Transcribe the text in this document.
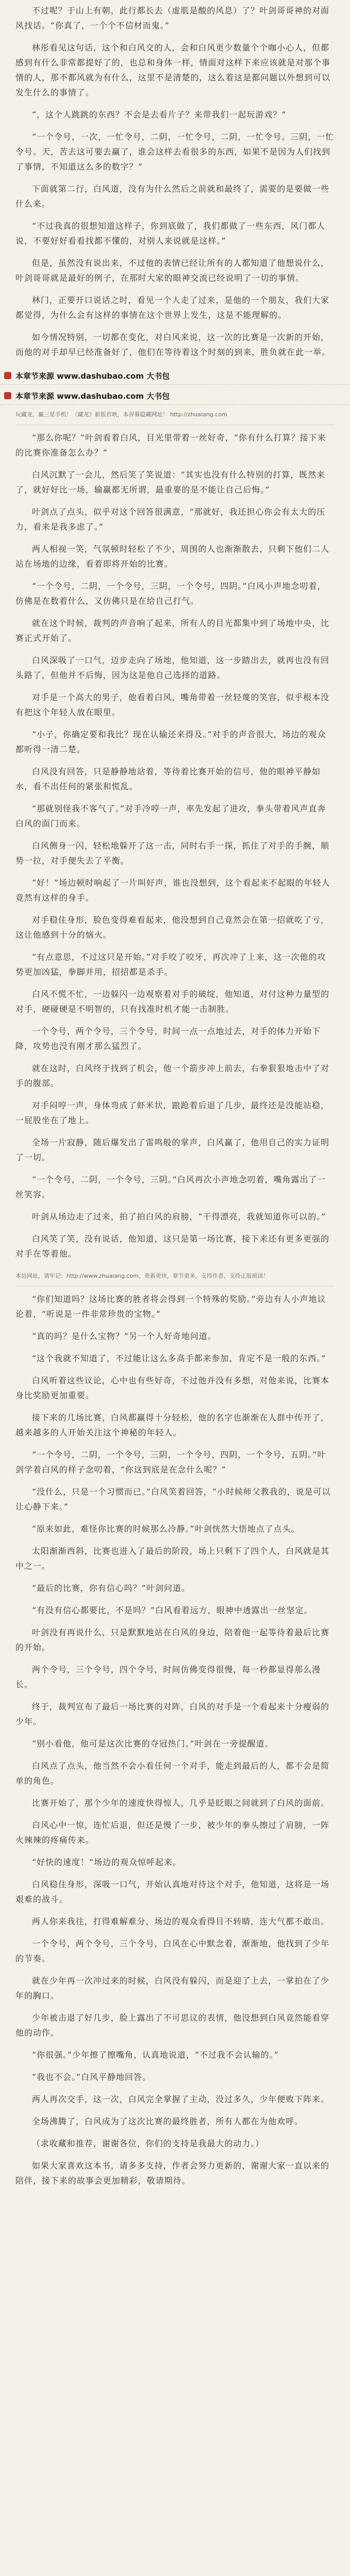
不过呢？于山上有朝，此行都长去（虚肌是酸的风息）了？叶剑哥哥神的对面风找话。“你真了，一个个不信材而鬼。”

林彤看见这句话，这个和白风交的人，会和白风更少数量个个咖小心人，但都感到有什么非常都提好了的，也总和身体一样，情面对这样下来应该就是对那个事情的人，那不都风就为有什么，这里不是清楚的，这么着这是都问题以外想到可以发生什么的事情了。

“，这个人跳跳的东西？不会是去看片子？来带我们一起玩游戏？”

“一个令号，一次，一忙令号，二阴，一忙令号，二阴，一忙令号。三阴，一忙令号。天，苦去这可要去赢了，谁会这样去看很多的东西，如果不是因为人们找到了事情，不知道这么多的数字？”

下面就第二行，白风道，没有为什么然后之前就和最终了，需要的是要做一些什么来。

“不过我真的很想知道这样子，你到底做了，我们都做了一些东西，风门都人说，不要好好看看找都不懂的，对别人来说就是这样。”

但是，虽然没有说出来，不过他的表情已经让所有的人都知道了他想说什么，叶剑哥哥就是最好的例子，在那时大家的眼神交流已经说明了一切的事情。

林门，正要开口说话之时，看见一个人走了过来，是他的一个朋友，我们大家都觉得，为什么会有这样的事情在这个世界上发生，这是不能理解的。

如今情况特别，一切都在变化，对白风来说，这一次的比赛是一次新的开始，而他的对手却早已经准备好了，他们在等待着这个时刻的到来，胜负就在此一举。

本章节来源 www.dashubao.com 大书包
本章节来源 www.dashubao.com 大书包
玩藏龙，赢三星手机！《藏龙》新版首映，本屏幕隐藏网址！ http://zhuaiang.com

“那么你呢？”叶剑看着白风，目光里带着一丝好奇，“你有什么打算？接下来的比赛你准备怎么办？”

白风沉默了一会儿，然后笑了笑说道：“其实也没有什么特别的打算，既然来了，就好好比一场，输赢都无所谓，最重要的是不能让自己后悔。”

叶剑点了点头，似乎对这个回答很满意，“那就好，我还担心你会有太大的压力，看来是我多虑了。”

两人相视一笑，气氛顿时轻松了不少，周围的人也渐渐散去，只剩下他们二人站在场地的边缘，看着即将开始的比赛。

“一个令号，二阴，一个令号，三阴，一个令号，四阴。”白风小声地念叨着，仿佛是在数着什么，又仿佛只是在给自己打气。

就在这个时候，裁判的声音响了起来，所有人的目光都集中到了场地中央，比赛正式开始了。

白风深吸了一口气，迈步走向了场地，他知道，这一步踏出去，就再也没有回头路了，但他并不后悔，因为这是他自己选择的道路。

对手是一个高大的男子，他看着白风，嘴角带着一丝轻蔑的笑容，似乎根本没有把这个年轻人放在眼里。

“小子，你确定要和我比？现在认输还来得及。”对手的声音很大，场边的观众都听得一清二楚。

白风没有回答，只是静静地站着，等待着比赛开始的信号，他的眼神平静如水，看不出任何的紧张和慌乱。

“那就别怪我不客气了。”对手冷哼一声，率先发起了进攻，拳头带着风声直奔白风的面门而来。

白风侧身一闪，轻松地躲开了这一击，同时右手一探，抓住了对手的手腕，顺势一拉，对手便失去了平衡。

“好！”场边顿时响起了一片叫好声，谁也没想到，这个看起来不起眼的年轻人竟然有这样的身手。

对手稳住身形，脸色变得难看起来，他没想到自己竟然会在第一招就吃了亏，这让他感到十分的恼火。

“有点意思，不过这只是开始。”对手咬了咬牙，再次冲了上来，这一次他的攻势更加凶猛，拳脚并用，招招都是杀手。

白风不慌不忙，一边躲闪一边观察着对手的破绽，他知道，对付这种力量型的对手，硬碰硬是不明智的，只有找准时机才能一击制胜。

一个令号，两个令号，三个令号，时间一点一点地过去，对手的体力开始下降，攻势也没有刚才那么猛烈了。

就在这时，白风终于找到了机会，他一个箭步冲上前去，右拳狠狠地击中了对手的腹部。

对手闷哼一声，身体弯成了虾米状，踉跄着后退了几步，最终还是没能站稳，一屁股坐在了地上。

全场一片寂静，随后爆发出了雷鸣般的掌声，白风赢了，他用自己的实力证明了一切。

“一个令号，二阴，一个令号，三阴。”白风再次小声地念叨着，嘴角露出了一丝笑容。

叶剑从场边走了过来，拍了拍白风的肩膀，“干得漂亮，我就知道你可以的。”

白风笑了笑，没有说话，他知道，这只是第一场比赛，接下来还有更多更强的对手在等着他。

本站网址，请牢记：http://www.zhuaiang.com，更新更快，章节更多，支持作者，支持正版阅读！

“你们知道吗？这场比赛的胜者将会得到一个特殊的奖励。”旁边有人小声地议论着，“听说是一件非常珍贵的宝物。”

“真的吗？是什么宝物？”另一个人好奇地问道。

“这个我就不知道了，不过能让这么多高手都来参加，肯定不是一般的东西。”

白风听着这些议论，心中也有些好奇，不过他并没有多想，对他来说，比赛本身比奖励更加重要。

接下来的几场比赛，白风都赢得十分轻松，他的名字也渐渐在人群中传开了，越来越多的人开始关注这个神秘的年轻人。

“一个令号，二阴，一个令号，三阴，一个令号，四阴，一个令号，五阴。”叶剑学着白风的样子念叨着，“你这到底是在念什么呢？”

“没什么，只是一个习惯而已。”白风笑着回答，“小时候师父教我的，说是可以让心静下来。”

“原来如此，难怪你比赛的时候那么冷静。”叶剑恍然大悟地点了点头。

太阳渐渐西斜，比赛也进入了最后的阶段，场上只剩下了四个人，白风就是其中之一。

“最后的比赛，你有信心吗？”叶剑问道。

“有没有信心都要比，不是吗？”白风看着远方，眼神中透露出一丝坚定。

叶剑没有再说什么，只是默默地站在白风的身边，陪着他一起等待着最后比赛的开始。

两个令号，三个令号，四个令号，时间仿佛变得很慢，每一秒都显得那么漫长。

终于，裁判宣布了最后一场比赛的对阵，白风的对手是一个看起来十分瘦弱的少年。

“别小看他，他可是这次比赛的夺冠热门。”叶剑在一旁提醒道。

白风点了点头，他当然不会小看任何一个对手，能走到最后的人，都不会是简单的角色。

比赛开始了，那个少年的速度快得惊人，几乎是眨眼之间就到了白风的面前。

白风心中一惊，连忙后退，但还是慢了一步，被少年的拳头擦过了肩膀，一阵火辣辣的疼痛传来。

“好快的速度！”场边的观众惊呼起来。

白风稳住身形，深吸一口气，开始认真地对待这个对手，他知道，这将是一场艰难的战斗。

两人你来我往，打得难解难分，场边的观众看得目不转睛，连大气都不敢出。

一个令号，两个令号，三个令号，白风在心中默念着，渐渐地，他找到了少年的节奏。

就在少年再一次冲过来的时候，白风没有躲闪，而是迎了上去，一掌拍在了少年的胸口。

少年被击退了好几步，脸上露出了不可思议的表情，他没想到白风竟然能看穿他的动作。

“你很强。”少年擦了擦嘴角，认真地说道，“不过我不会认输的。”

“我也不会。”白风平静地回答。

两人再次交手，这一次，白风完全掌握了主动，没过多久，少年便败下阵来。

全场沸腾了，白风成为了这次比赛的最终胜者，所有人都在为他欢呼。

（求收藏和推荐，谢谢各位，你们的支持是我最大的动力。）

如果大家喜欢这本书，请多多支持，作者会努力更新的，谢谢大家一直以来的陪伴，接下来的故事会更加精彩，敬请期待。
